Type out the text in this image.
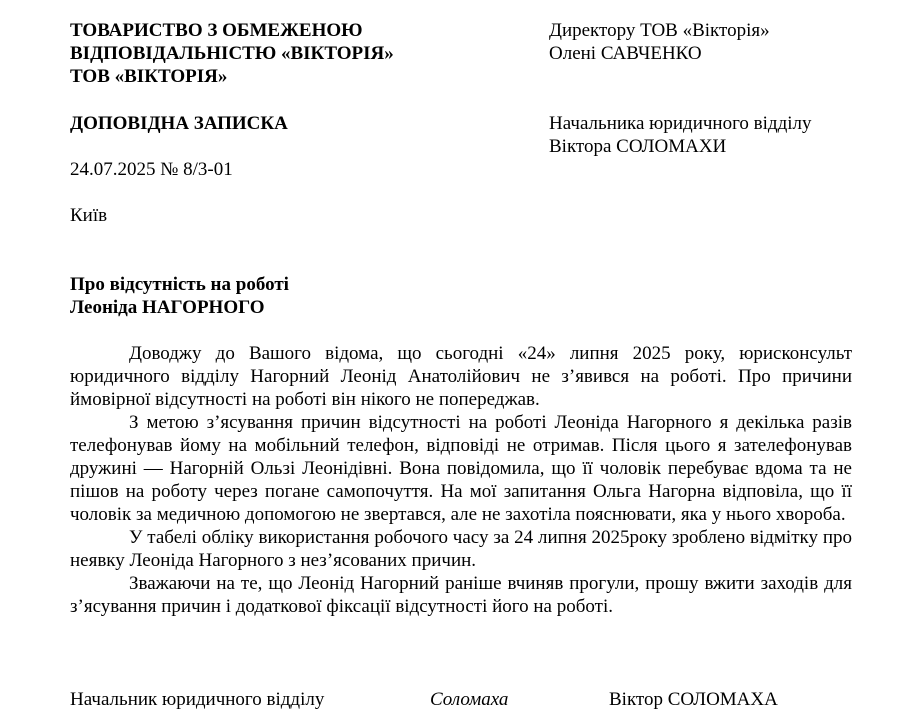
ТОВАРИСТВО З ОБМЕЖЕНОЮ
ВІДПОВІДАЛЬНІСТЮ «ВІКТОРІЯ»
ТОВ «ВІКТОРІЯ»
Директору ТОВ «Вікторія»
Олені САВЧЕНКО
ДОПОВІДНА ЗАПИСКА	Начальника юридичного відділу
Віктора СОЛОМАХИ
24.07.2025 № 8/3-01
Київ
Про відсутність на роботі
Леоніда НАГОРНОГО

Доводжу до Вашого відома, що сьогодні «24» липня 2025 року, юрисконсульт юридичного відділу Нагорний Леонід Анатолійович не з’явився на роботі. Про причини ймовірної відсутності на роботі він нікого не попереджав.

З метою з’ясування причин відсутності на роботі Леоніда Нагорного я декілька разів телефонував йому на мобільний телефон, відповіді не отримав. Після цього я зателефонував дружині — Нагорній Ользі Леонідівні. Вона повідомила, що її чоловік перебуває вдома та не пішов на роботу через погане самопочуття. На мої запитання Ольга Нагорна відповіла, що її чоловік за медичною допомогою не звертався, але не захотіла пояснювати, яка у нього хвороба.

У табелі обліку використання робочого часу за 24 липня 2025року зроблено відмітку про неявку Леоніда Нагорного з нез’ясованих причин.

Зважаючи на те, що Леонід Нагорний раніше вчиняв прогули, прошу вжити заходів для з’ясування причин і додаткової фіксації відсутності його на роботі.

Начальник юридичного відділу	Соломаха	Віктор СОЛОМАХА
